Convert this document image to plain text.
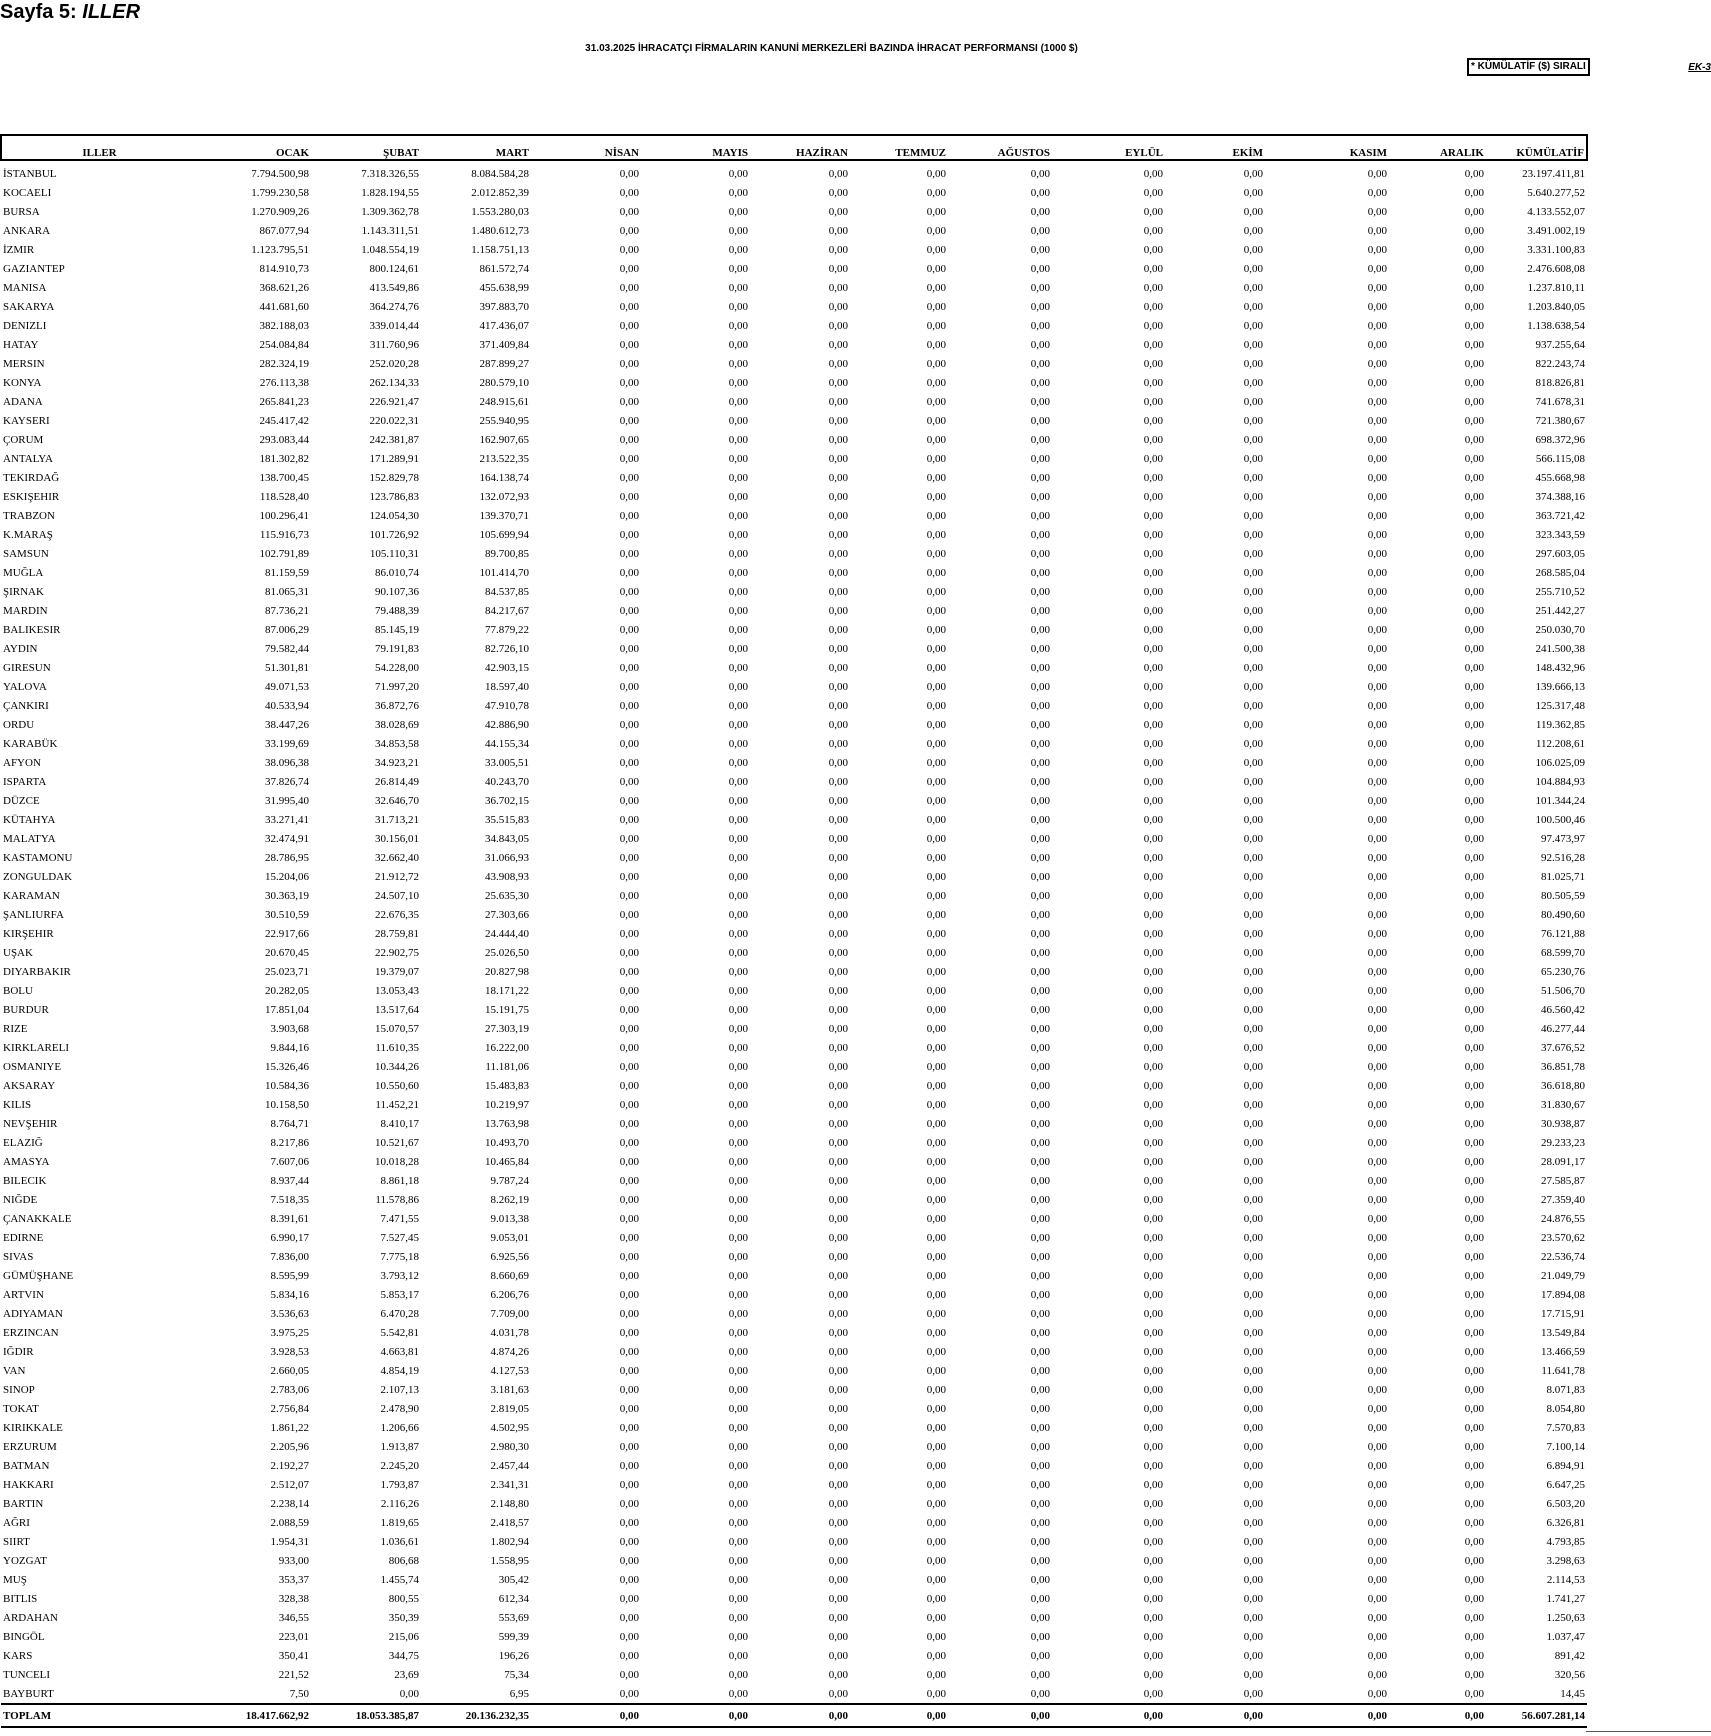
Sayfa 5: ILLER
31.03.2025 İHRACATÇI FİRMALARIN KANUNİ MERKEZLERİ BAZINDA İHRACAT PERFORMANSI (1000 $)
* KÜMÜLATİF ($) SIRALI	EK-3
ILLER	OCAK	ŞUBAT	MART	NİSAN	MAYIS	HAZİRAN	TEMMUZ	AĞUSTOS	EYLÜL	EKİM	KASIM	ARALIK	KÜMÜLATİF
İSTANBUL	7.794.500,98	7.318.326,55	8.084.584,28	0,00	0,00	0,00	0,00	0,00	0,00	0,00	0,00	0,00	23.197.411,81
KOCAELI	1.799.230,58	1.828.194,55	2.012.852,39	0,00	0,00	0,00	0,00	0,00	0,00	0,00	0,00	0,00	5.640.277,52
BURSA	1.270.909,26	1.309.362,78	1.553.280,03	0,00	0,00	0,00	0,00	0,00	0,00	0,00	0,00	0,00	4.133.552,07
ANKARA	867.077,94	1.143.311,51	1.480.612,73	0,00	0,00	0,00	0,00	0,00	0,00	0,00	0,00	0,00	3.491.002,19
İZMIR	1.123.795,51	1.048.554,19	1.158.751,13	0,00	0,00	0,00	0,00	0,00	0,00	0,00	0,00	0,00	3.331.100,83
GAZIANTEP	814.910,73	800.124,61	861.572,74	0,00	0,00	0,00	0,00	0,00	0,00	0,00	0,00	0,00	2.476.608,08
MANISA	368.621,26	413.549,86	455.638,99	0,00	0,00	0,00	0,00	0,00	0,00	0,00	0,00	0,00	1.237.810,11
SAKARYA	441.681,60	364.274,76	397.883,70	0,00	0,00	0,00	0,00	0,00	0,00	0,00	0,00	0,00	1.203.840,05
DENIZLI	382.188,03	339.014,44	417.436,07	0,00	0,00	0,00	0,00	0,00	0,00	0,00	0,00	0,00	1.138.638,54
HATAY	254.084,84	311.760,96	371.409,84	0,00	0,00	0,00	0,00	0,00	0,00	0,00	0,00	0,00	937.255,64
MERSIN	282.324,19	252.020,28	287.899,27	0,00	0,00	0,00	0,00	0,00	0,00	0,00	0,00	0,00	822.243,74
KONYA	276.113,38	262.134,33	280.579,10	0,00	0,00	0,00	0,00	0,00	0,00	0,00	0,00	0,00	818.826,81
ADANA	265.841,23	226.921,47	248.915,61	0,00	0,00	0,00	0,00	0,00	0,00	0,00	0,00	0,00	741.678,31
KAYSERI	245.417,42	220.022,31	255.940,95	0,00	0,00	0,00	0,00	0,00	0,00	0,00	0,00	0,00	721.380,67
ÇORUM	293.083,44	242.381,87	162.907,65	0,00	0,00	0,00	0,00	0,00	0,00	0,00	0,00	0,00	698.372,96
ANTALYA	181.302,82	171.289,91	213.522,35	0,00	0,00	0,00	0,00	0,00	0,00	0,00	0,00	0,00	566.115,08
TEKIRDAĞ	138.700,45	152.829,78	164.138,74	0,00	0,00	0,00	0,00	0,00	0,00	0,00	0,00	0,00	455.668,98
ESKIŞEHIR	118.528,40	123.786,83	132.072,93	0,00	0,00	0,00	0,00	0,00	0,00	0,00	0,00	0,00	374.388,16
TRABZON	100.296,41	124.054,30	139.370,71	0,00	0,00	0,00	0,00	0,00	0,00	0,00	0,00	0,00	363.721,42
K.MARAŞ	115.916,73	101.726,92	105.699,94	0,00	0,00	0,00	0,00	0,00	0,00	0,00	0,00	0,00	323.343,59
SAMSUN	102.791,89	105.110,31	89.700,85	0,00	0,00	0,00	0,00	0,00	0,00	0,00	0,00	0,00	297.603,05
MUĞLA	81.159,59	86.010,74	101.414,70	0,00	0,00	0,00	0,00	0,00	0,00	0,00	0,00	0,00	268.585,04
ŞIRNAK	81.065,31	90.107,36	84.537,85	0,00	0,00	0,00	0,00	0,00	0,00	0,00	0,00	0,00	255.710,52
MARDIN	87.736,21	79.488,39	84.217,67	0,00	0,00	0,00	0,00	0,00	0,00	0,00	0,00	0,00	251.442,27
BALIKESIR	87.006,29	85.145,19	77.879,22	0,00	0,00	0,00	0,00	0,00	0,00	0,00	0,00	0,00	250.030,70
AYDIN	79.582,44	79.191,83	82.726,10	0,00	0,00	0,00	0,00	0,00	0,00	0,00	0,00	0,00	241.500,38
GIRESUN	51.301,81	54.228,00	42.903,15	0,00	0,00	0,00	0,00	0,00	0,00	0,00	0,00	0,00	148.432,96
YALOVA	49.071,53	71.997,20	18.597,40	0,00	0,00	0,00	0,00	0,00	0,00	0,00	0,00	0,00	139.666,13
ÇANKIRI	40.533,94	36.872,76	47.910,78	0,00	0,00	0,00	0,00	0,00	0,00	0,00	0,00	0,00	125.317,48
ORDU	38.447,26	38.028,69	42.886,90	0,00	0,00	0,00	0,00	0,00	0,00	0,00	0,00	0,00	119.362,85
KARABÜK	33.199,69	34.853,58	44.155,34	0,00	0,00	0,00	0,00	0,00	0,00	0,00	0,00	0,00	112.208,61
AFYON	38.096,38	34.923,21	33.005,51	0,00	0,00	0,00	0,00	0,00	0,00	0,00	0,00	0,00	106.025,09
ISPARTA	37.826,74	26.814,49	40.243,70	0,00	0,00	0,00	0,00	0,00	0,00	0,00	0,00	0,00	104.884,93
DÜZCE	31.995,40	32.646,70	36.702,15	0,00	0,00	0,00	0,00	0,00	0,00	0,00	0,00	0,00	101.344,24
KÜTAHYA	33.271,41	31.713,21	35.515,83	0,00	0,00	0,00	0,00	0,00	0,00	0,00	0,00	0,00	100.500,46
MALATYA	32.474,91	30.156,01	34.843,05	0,00	0,00	0,00	0,00	0,00	0,00	0,00	0,00	0,00	97.473,97
KASTAMONU	28.786,95	32.662,40	31.066,93	0,00	0,00	0,00	0,00	0,00	0,00	0,00	0,00	0,00	92.516,28
ZONGULDAK	15.204,06	21.912,72	43.908,93	0,00	0,00	0,00	0,00	0,00	0,00	0,00	0,00	0,00	81.025,71
KARAMAN	30.363,19	24.507,10	25.635,30	0,00	0,00	0,00	0,00	0,00	0,00	0,00	0,00	0,00	80.505,59
ŞANLIURFA	30.510,59	22.676,35	27.303,66	0,00	0,00	0,00	0,00	0,00	0,00	0,00	0,00	0,00	80.490,60
KIRŞEHIR	22.917,66	28.759,81	24.444,40	0,00	0,00	0,00	0,00	0,00	0,00	0,00	0,00	0,00	76.121,88
UŞAK	20.670,45	22.902,75	25.026,50	0,00	0,00	0,00	0,00	0,00	0,00	0,00	0,00	0,00	68.599,70
DIYARBAKIR	25.023,71	19.379,07	20.827,98	0,00	0,00	0,00	0,00	0,00	0,00	0,00	0,00	0,00	65.230,76
BOLU	20.282,05	13.053,43	18.171,22	0,00	0,00	0,00	0,00	0,00	0,00	0,00	0,00	0,00	51.506,70
BURDUR	17.851,04	13.517,64	15.191,75	0,00	0,00	0,00	0,00	0,00	0,00	0,00	0,00	0,00	46.560,42
RIZE	3.903,68	15.070,57	27.303,19	0,00	0,00	0,00	0,00	0,00	0,00	0,00	0,00	0,00	46.277,44
KIRKLARELI	9.844,16	11.610,35	16.222,00	0,00	0,00	0,00	0,00	0,00	0,00	0,00	0,00	0,00	37.676,52
OSMANIYE	15.326,46	10.344,26	11.181,06	0,00	0,00	0,00	0,00	0,00	0,00	0,00	0,00	0,00	36.851,78
AKSARAY	10.584,36	10.550,60	15.483,83	0,00	0,00	0,00	0,00	0,00	0,00	0,00	0,00	0,00	36.618,80
KILIS	10.158,50	11.452,21	10.219,97	0,00	0,00	0,00	0,00	0,00	0,00	0,00	0,00	0,00	31.830,67
NEVŞEHIR	8.764,71	8.410,17	13.763,98	0,00	0,00	0,00	0,00	0,00	0,00	0,00	0,00	0,00	30.938,87
ELAZIĞ	8.217,86	10.521,67	10.493,70	0,00	0,00	0,00	0,00	0,00	0,00	0,00	0,00	0,00	29.233,23
AMASYA	7.607,06	10.018,28	10.465,84	0,00	0,00	0,00	0,00	0,00	0,00	0,00	0,00	0,00	28.091,17
BILECIK	8.937,44	8.861,18	9.787,24	0,00	0,00	0,00	0,00	0,00	0,00	0,00	0,00	0,00	27.585,87
NIĞDE	7.518,35	11.578,86	8.262,19	0,00	0,00	0,00	0,00	0,00	0,00	0,00	0,00	0,00	27.359,40
ÇANAKKALE	8.391,61	7.471,55	9.013,38	0,00	0,00	0,00	0,00	0,00	0,00	0,00	0,00	0,00	24.876,55
EDIRNE	6.990,17	7.527,45	9.053,01	0,00	0,00	0,00	0,00	0,00	0,00	0,00	0,00	0,00	23.570,62
SIVAS	7.836,00	7.775,18	6.925,56	0,00	0,00	0,00	0,00	0,00	0,00	0,00	0,00	0,00	22.536,74
GÜMÜŞHANE	8.595,99	3.793,12	8.660,69	0,00	0,00	0,00	0,00	0,00	0,00	0,00	0,00	0,00	21.049,79
ARTVIN	5.834,16	5.853,17	6.206,76	0,00	0,00	0,00	0,00	0,00	0,00	0,00	0,00	0,00	17.894,08
ADIYAMAN	3.536,63	6.470,28	7.709,00	0,00	0,00	0,00	0,00	0,00	0,00	0,00	0,00	0,00	17.715,91
ERZINCAN	3.975,25	5.542,81	4.031,78	0,00	0,00	0,00	0,00	0,00	0,00	0,00	0,00	0,00	13.549,84
IĞDIR	3.928,53	4.663,81	4.874,26	0,00	0,00	0,00	0,00	0,00	0,00	0,00	0,00	0,00	13.466,59
VAN	2.660,05	4.854,19	4.127,53	0,00	0,00	0,00	0,00	0,00	0,00	0,00	0,00	0,00	11.641,78
SINOP	2.783,06	2.107,13	3.181,63	0,00	0,00	0,00	0,00	0,00	0,00	0,00	0,00	0,00	8.071,83
TOKAT	2.756,84	2.478,90	2.819,05	0,00	0,00	0,00	0,00	0,00	0,00	0,00	0,00	0,00	8.054,80
KIRIKKALE	1.861,22	1.206,66	4.502,95	0,00	0,00	0,00	0,00	0,00	0,00	0,00	0,00	0,00	7.570,83
ERZURUM	2.205,96	1.913,87	2.980,30	0,00	0,00	0,00	0,00	0,00	0,00	0,00	0,00	0,00	7.100,14
BATMAN	2.192,27	2.245,20	2.457,44	0,00	0,00	0,00	0,00	0,00	0,00	0,00	0,00	0,00	6.894,91
HAKKARI	2.512,07	1.793,87	2.341,31	0,00	0,00	0,00	0,00	0,00	0,00	0,00	0,00	0,00	6.647,25
BARTIN	2.238,14	2.116,26	2.148,80	0,00	0,00	0,00	0,00	0,00	0,00	0,00	0,00	0,00	6.503,20
AĞRI	2.088,59	1.819,65	2.418,57	0,00	0,00	0,00	0,00	0,00	0,00	0,00	0,00	0,00	6.326,81
SIIRT	1.954,31	1.036,61	1.802,94	0,00	0,00	0,00	0,00	0,00	0,00	0,00	0,00	0,00	4.793,85
YOZGAT	933,00	806,68	1.558,95	0,00	0,00	0,00	0,00	0,00	0,00	0,00	0,00	0,00	3.298,63
MUŞ	353,37	1.455,74	305,42	0,00	0,00	0,00	0,00	0,00	0,00	0,00	0,00	0,00	2.114,53
BITLIS	328,38	800,55	612,34	0,00	0,00	0,00	0,00	0,00	0,00	0,00	0,00	0,00	1.741,27
ARDAHAN	346,55	350,39	553,69	0,00	0,00	0,00	0,00	0,00	0,00	0,00	0,00	0,00	1.250,63
BINGÖL	223,01	215,06	599,39	0,00	0,00	0,00	0,00	0,00	0,00	0,00	0,00	0,00	1.037,47
KARS	350,41	344,75	196,26	0,00	0,00	0,00	0,00	0,00	0,00	0,00	0,00	0,00	891,42
TUNCELI	221,52	23,69	75,34	0,00	0,00	0,00	0,00	0,00	0,00	0,00	0,00	0,00	320,56
BAYBURT	7,50	0,00	6,95	0,00	0,00	0,00	0,00	0,00	0,00	0,00	0,00	0,00	14,45
TOPLAM	18.417.662,92	18.053.385,87	20.136.232,35	0,00	0,00	0,00	0,00	0,00	0,00	0,00	0,00	0,00	56.607.281,14
